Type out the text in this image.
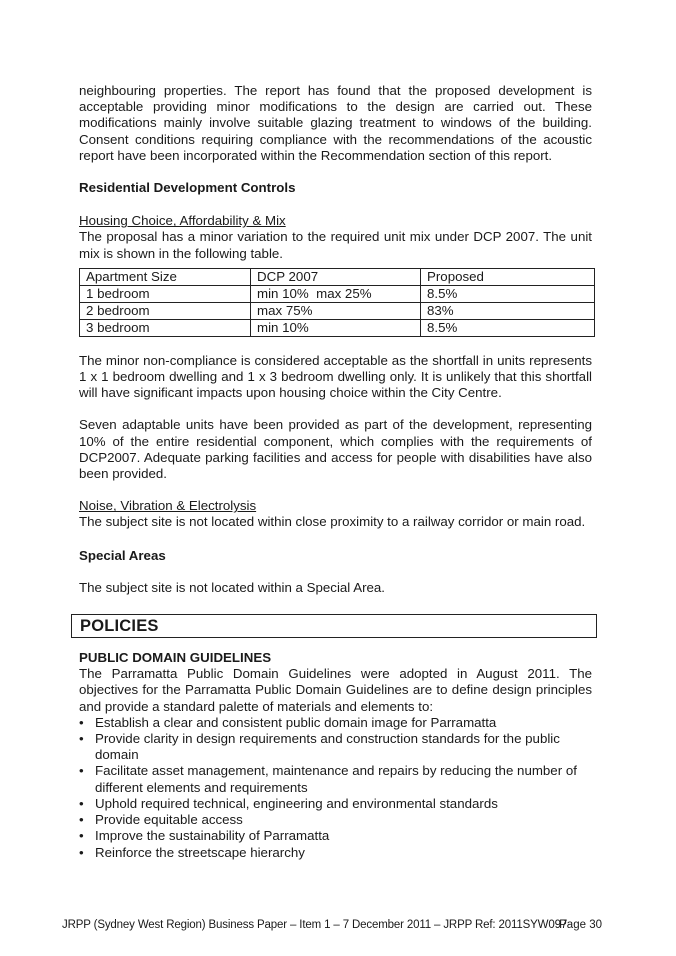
neighbouring properties. The report has found that the proposed development is acceptable providing minor modifications to the design are carried out. These modifications mainly involve suitable glazing treatment to windows of the building. Consent conditions requiring compliance with the recommendations of the acoustic report have been incorporated within the Recommendation section of this report.

Residential Development Controls

Housing Choice, Affordability & Mix

The proposal has a minor variation to the required unit mix under DCP 2007. The unit mix is shown in the following table.

Apartment Size	DCP 2007	Proposed
1 bedroom	min 10%  max 25%	8.5%
2 bedroom	max 75%	83%
3 bedroom	min 10%	8.5%

The minor non-compliance is considered acceptable as the shortfall in units represents 1 x 1 bedroom dwelling and 1 x 3 bedroom dwelling only. It is unlikely that this shortfall will have significant impacts upon housing choice within the City Centre.

Seven adaptable units have been provided as part of the development, representing 10% of the entire residential component, which complies with the requirements of DCP2007. Adequate parking facilities and access for people with disabilities have also been provided.

Noise, Vibration & Electrolysis

The subject site is not located within close proximity to a railway corridor or main road.

Special Areas

The subject site is not located within a Special Area.

POLICIES

PUBLIC DOMAIN GUIDELINES

The Parramatta Public Domain Guidelines were adopted in August 2011. The objectives for the Parramatta Public Domain Guidelines are to define design principles and provide a standard palette of materials and elements to:

• Establish a clear and consistent public domain image for Parramatta
• Provide clarity in design requirements and construction standards for the public domain
• Facilitate asset management, maintenance and repairs by reducing the number of different elements and requirements
• Uphold required technical, engineering and environmental standards
• Provide equitable access
• Improve the sustainability of Parramatta
• Reinforce the streetscape hierarchy
JRPP (Sydney West Region) Business Paper – Item 1 – 7 December 2011 – JRPP Ref: 2011SYW097
Page 30
